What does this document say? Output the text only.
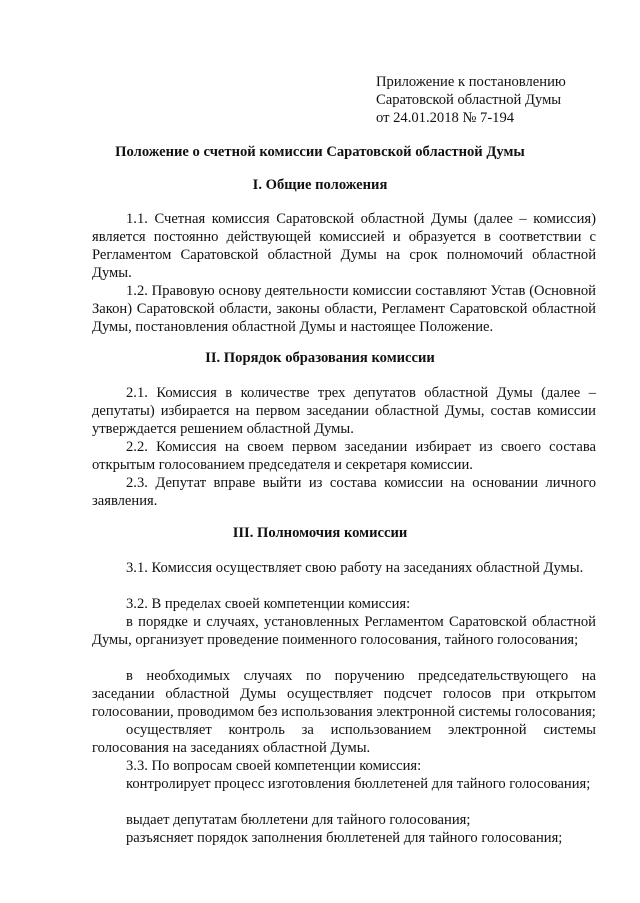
Приложение к постановлению
Саратовской областной Думы
от 24.01.2018 № 7-194
Положение о счетной комиссии Саратовской областной Думы
I. Общие положения
1.1. Счетная комиссия Саратовской областной Думы (далее – комиссия) является постоянно действующей комиссией и образуется в соответствии с Регламентом Саратовской областной Думы на срок полномочий областной Думы.
1.2. Правовую основу деятельности комиссии составляют Устав (Основной Закон) Саратовской области, законы области, Регламент Саратовской областной Думы, постановления областной Думы и настоящее Положение.
II. Порядок образования комиссии
2.1. Комиссия в количестве трех депутатов областной Думы (далее – депутаты) избирается на первом заседании областной Думы, состав комиссии утверждается решением областной Думы.
2.2. Комиссия на своем первом заседании избирает из своего состава открытым голосованием председателя и секретаря комиссии.
2.3. Депутат вправе выйти из состава комиссии на основании личного заявления.
III. Полномочия комиссии
3.1. Комиссия осуществляет свою работу на заседаниях областной Думы.
3.2. В пределах своей компетенции комиссия:
в порядке и случаях, установленных Регламентом Саратовской областной Думы, организует проведение поименного голосования, тайного голосования;
в необходимых случаях по поручению председательствующего на заседании областной Думы осуществляет подсчет голосов при открытом голосовании, проводимом без использования электронной системы голосования;
осуществляет контроль за использованием электронной системы голосования на заседаниях областной Думы.
3.3. По вопросам своей компетенции комиссия:
контролирует процесс изготовления бюллетеней для тайного голосования;
выдает депутатам бюллетени для тайного голосования;
разъясняет порядок заполнения бюллетеней для тайного голосования;
